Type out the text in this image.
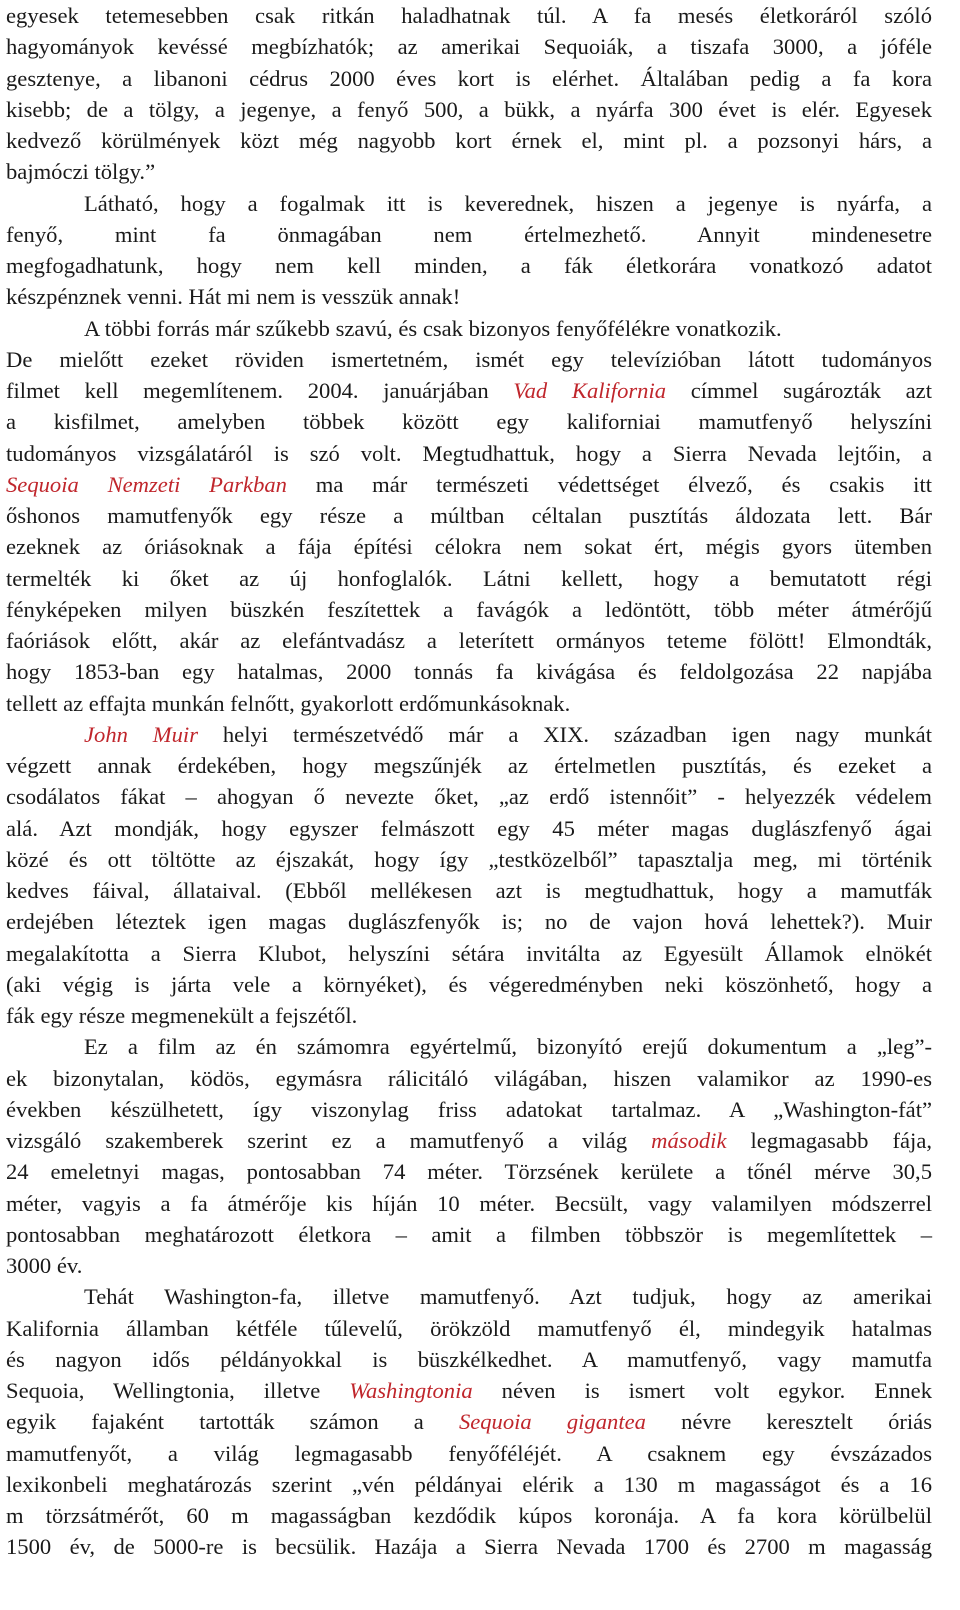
egyesek tetemesebben csak ritkán haladhatnak túl. A fa mesés életkoráról szóló
hagyományok kevéssé megbízhatók; az amerikai Sequoiák, a tiszafa 3000, a jóféle
gesztenye, a libanoni cédrus 2000 éves kort is elérhet. Általában pedig a fa kora
kisebb; de a tölgy, a jegenye, a fenyő 500, a bükk, a nyárfa 300 évet is elér. Egyesek
kedvező körülmények közt még nagyobb kort érnek el, mint pl. a pozsonyi hárs, a
bajmóczi tölgy.”

Látható, hogy a fogalmak itt is keverednek, hiszen a jegenye is nyárfa, a
fenyő, mint fa önmagában nem értelmezhető. Annyit mindenesetre
megfogadhatunk, hogy nem kell minden, a fák életkorára vonatkozó adatot
készpénznek venni. Hát mi nem is vesszük annak!

A többi forrás már szűkebb szavú, és csak bizonyos fenyőfélékre vonatkozik.
De mielőtt ezeket röviden ismertetném, ismét egy televízióban látott tudományos
filmet kell megemlítenem. 2004. januárjában Vad Kalifornia címmel sugározták azt
a kisfilmet, amelyben többek között egy kaliforniai mamutfenyő helyszíni
tudományos vizsgálatáról is szó volt. Megtudhattuk, hogy a Sierra Nevada lejtőin, a
Sequoia Nemzeti Parkban ma már természeti védettséget élvező, és csakis itt
őshonos mamutfenyők egy része a múltban céltalan pusztítás áldozata lett. Bár
ezeknek az óriásoknak a fája építési célokra nem sokat ért, mégis gyors ütemben
termelték ki őket az új honfoglalók. Látni kellett, hogy a bemutatott régi
fényképeken milyen büszkén feszítettek a favágók a ledöntött, több méter átmérőjű
faóriások előtt, akár az elefántvadász a leterített ormányos teteme fölött! Elmondták,
hogy 1853-ban egy hatalmas, 2000 tonnás fa kivágása és feldolgozása 22 napjába
tellett az effajta munkán felnőtt, gyakorlott erdőmunkásoknak.

John Muir helyi természetvédő már a XIX. században igen nagy munkát
végzett annak érdekében, hogy megszűnjék az értelmetlen pusztítás, és ezeket a
csodálatos fákat – ahogyan ő nevezte őket, „az erdő istennőit” - helyezzék védelem
alá. Azt mondják, hogy egyszer felmászott egy 45 méter magas duglászfenyő ágai
közé és ott töltötte az éjszakát, hogy így „testközelből” tapasztalja meg, mi történik
kedves fáival, állataival. (Ebből mellékesen azt is megtudhattuk, hogy a mamutfák
erdejében léteztek igen magas duglászfenyők is; no de vajon hová lehettek?). Muir
megalakította a Sierra Klubot, helyszíni sétára invitálta az Egyesült Államok elnökét
(aki végig is járta vele a környéket), és végeredményben neki köszönhető, hogy a
fák egy része megmenekült a fejszétől.

Ez a film az én számomra egyértelmű, bizonyító erejű dokumentum a „leg”-
ek bizonytalan, ködös, egymásra rálicitáló világában, hiszen valamikor az 1990-es
években készülhetett, így viszonylag friss adatokat tartalmaz. A „Washington-fát”
vizsgáló szakemberek szerint ez a mamutfenyő a világ második legmagasabb fája,
24 emeletnyi magas, pontosabban 74 méter. Törzsének kerülete a tőnél mérve 30,5
méter, vagyis a fa átmérője kis híján 10 méter. Becsült, vagy valamilyen módszerrel
pontosabban meghatározott életkora – amit a filmben többször is megemlítettek –
3000 év.

Tehát Washington-fa, illetve mamutfenyő. Azt tudjuk, hogy az amerikai
Kalifornia államban kétféle tűlevelű, örökzöld mamutfenyő él, mindegyik hatalmas
és nagyon idős példányokkal is büszkélkedhet. A mamutfenyő, vagy mamutfa
Sequoia, Wellingtonia, illetve Washingtonia néven is ismert volt egykor. Ennek
egyik fajaként tartották számon a Sequoia gigantea névre keresztelt óriás
mamutfenyőt, a világ legmagasabb fenyőféléjét. A csaknem egy évszázados
lexikonbeli meghatározás szerint „vén példányai elérik a 130 m magasságot és a 16
m törzsátmérőt, 60 m magasságban kezdődik kúpos koronája. A fa kora körülbelül
1500 év, de 5000-re is becsülik. Hazája a Sierra Nevada 1700 és 2700 m magasság
